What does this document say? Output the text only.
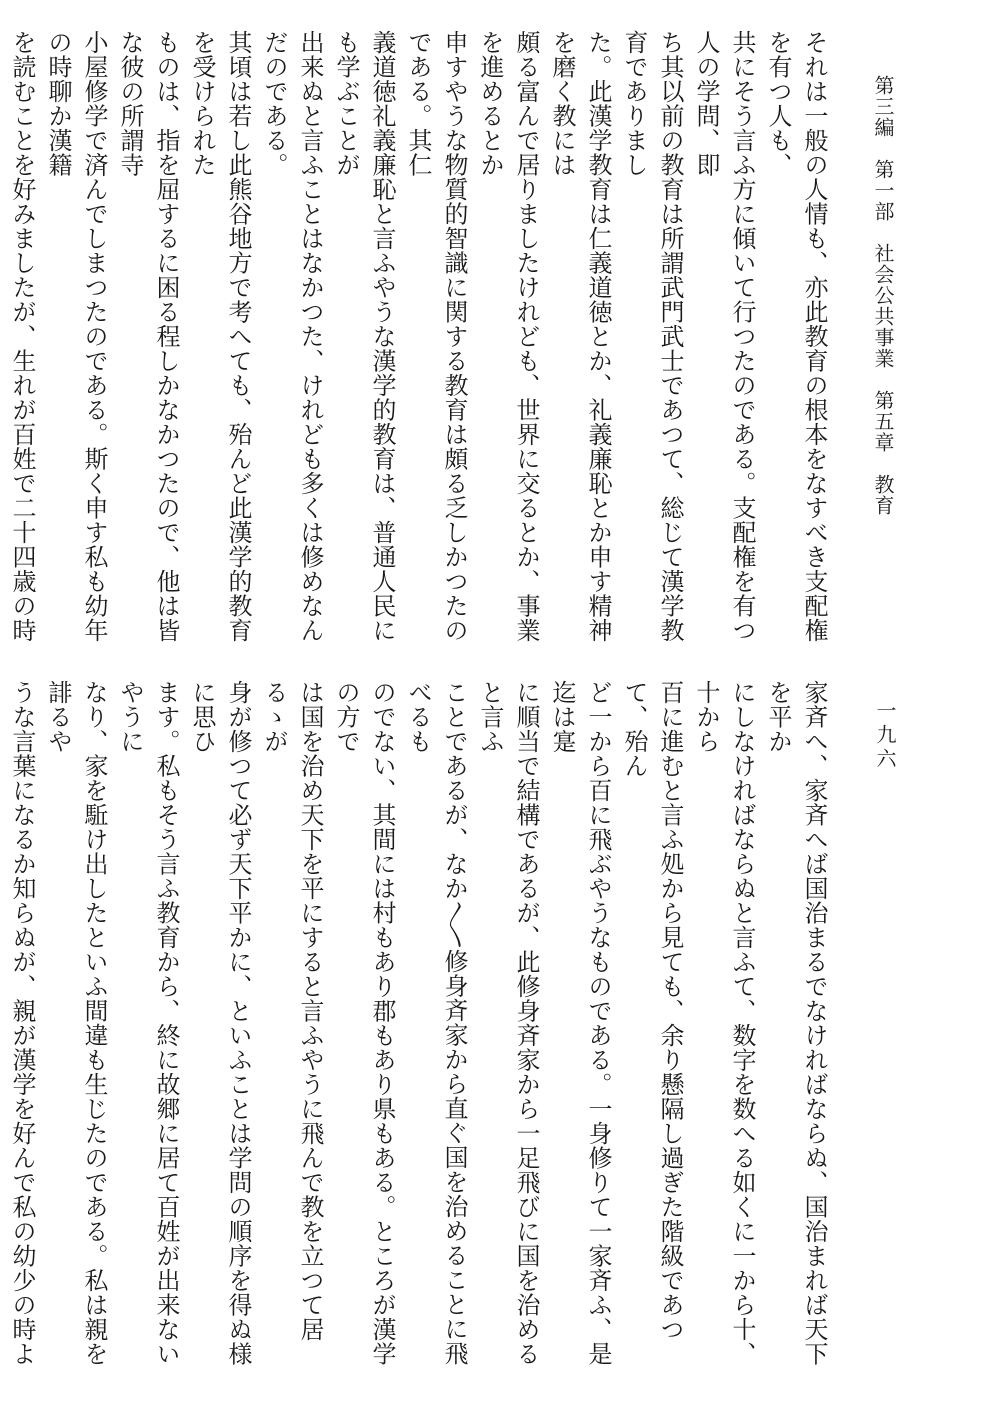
第三編　第一部　社会公共事業　第五章　教育

それは一般の人情も、亦此教育の根本をなすべき支配権を有つ人も、

共にそう言ふ方に傾いて行つたのである。支配権を有つ人の学問、即

ち其以前の教育は所謂武門武士であつて、総じて漢学教育でありまし

た。此漢学教育は仁義道徳とか、礼義廉恥とか申す精神を磨く教には

頗る富んで居りましたけれども、世界に交るとか、事業を進めるとか

申すやうな物質的智識に関する教育は頗る乏しかつたのである。其仁

義道徳礼義廉恥と言ふやうな漢学的教育は、普通人民にも学ぶことが

出来ぬと言ふことはなかつた、けれども多くは修めなんだのである。

其頃は若し此熊谷地方で考へても、殆んど此漢学的教育を受けられた

ものは、指を屈するに困る程しかなかつたので、他は皆な彼の所謂寺

小屋修学で済んでしまつたのである。斯く申す私も幼年の時聊か漢籍

を読むことを好みましたが、生れが百姓で二十四歳の時

一九六

家斉へ、家斉へば国治まるでなければならぬ、国治まれば天下を平か

にしなければならぬと言ふて、数字を数へる如くに一から十、十から

百に進むと言ふ処から見ても、余り懸隔し過ぎた階級であつて、殆ん

ど一から百に飛ぶやうなものである。一身修りて一家斉ふ、是迄は寔

に順当で結構であるが、此修身斉家から一足飛びに国を治めると言ふ

ことであるが、なか〳〵修身斉家から直ぐ国を治めることに飛べるも

のでない、其間には村もあり郡もあり県もある。ところが漢学の方で

は国を治め天下を平にすると言ふやうに飛んで教を立つて居るゝが

身が修つて必ず天下平かに、といふことは学問の順序を得ぬ様に思ひ

ます。私もそう言ふ教育から、終に故郷に居て百姓が出来ないやうに

なり、家を駈け出したといふ間違も生じたのである。私は親を誹るや

うな言葉になるか知らぬが、親が漢学を好んで私の幼少の時よ
